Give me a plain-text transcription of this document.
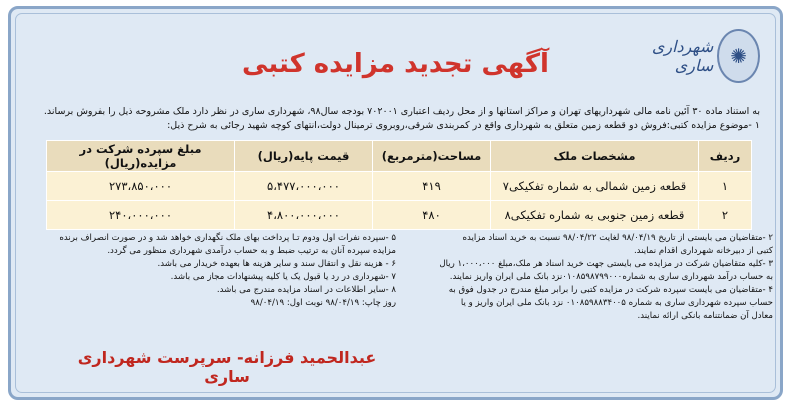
✺
شهرداری ساری
آگهی تجدید مزایده کتبی
به استناد ماده ۳۰ آئین نامه مالی شهرداریهای تهران و مراکز استانها و از محل ردیف اعتباری ۷۰۲۰۰۱ بودجه سال۹۸، شهرداری ساری در نظر دارد ملک مشروحه ذیل را بفروش برساند.
۱ -موضوع مزایده کتبی:فروش دو قطعه زمین متعلق به شهرداری واقع در کمربندی شرقی،روبروی ترمینال دولت،انتهای کوچه شهید رجائی به شرح ذیل:
ردیف	مشخصات ملک	مساحت(مترمربع)	قیمت پایه(ریال)	مبلغ سپرده شرکت در مزایده(ریال)
۱	قطعه زمین شمالی به شماره تفکیکی۷	۴۱۹	۵،۴۷۷،۰۰۰،۰۰۰	۲۷۳،۸۵۰،۰۰۰
۲	قطعه زمین جنوبی به شماره تفکیکی۸	۴۸۰	۴،۸۰۰،۰۰۰،۰۰۰	۲۴۰،۰۰۰،۰۰۰

۲ -متقاضیان می بایستی از تاریخ ۹۸/۰۴/۱۹ لغایت ۹۸/۰۴/۲۲ نسبت به خرید اسناد مزایده

کتبی از دبیرخانه شهرداری اقدام نمایند.

۳ -کلیه متقاضیان شرکت در مزایده می بایستی جهت خرید اسناد هر ملک،مبلغ ۱،۰۰۰،۰۰۰ ریال

به حساب درآمد شهرداری ساری به شماره۰۱۰۸۵۹۸۷۹۹۰۰۰نزد بانک ملی ایران واریز نمایند.

۴ -متقاضیان می بایست سپرده شرکت در مزایده کتبی را برابر مبلغ مندرج در جدول فوق به

حساب سپرده شهرداری ساری به شماره ۰۱۰۸۵۹۸۸۳۴۰۰۵ نزد بانک ملی ایران واریز و یا

معادل آن ضمانتنامه بانکی ارائه نمایند.

۵ -سپرده نفرات اول ودوم تـا پرداخت بهای ملک نگهداری خواهد شد و در صورت انصراف برنده

مزایده سپرده آنان به ترتیب ضبط و به حساب درآمدی شهرداری منظور می گردد.

۶ - هزینه نقل و انتقال سند و سایر هزینه ها بعهده خریدار می باشد.

۷ -شهرداری در رد یا قبول یک یا کلیه پیشنهادات مجاز می باشد.

۸ -سایر اطلاعات در اسناد مزایده مندرج می باشد.

روز چاپ: ۹۸/۰۴/۱۹ نوبت اول: ۹۸/۰۴/۱۹

عبدالحمید فرزانه- سرپرست شهرداری ساری
